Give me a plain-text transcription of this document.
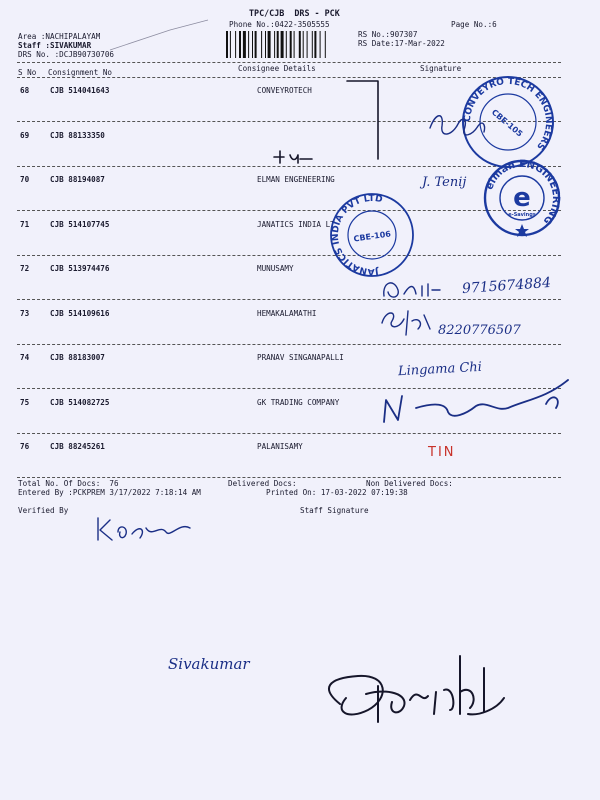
TPC/CJB  DRS - PCK
Phone No.:0422-3505555	Page No.:6
RS No.:907307
RS Date:17-Mar-2022
Area :NACHIPALAYAM
Staff :SIVAKUMAR
DRS No. :DCJB90730706
S No Consignment No	Consignee Details	Signature
68	CJB 514041643	CONVEYROTECH
69	CJB 88133350
70	CJB 88194087	ELMAN ENGENEERING
71	CJB 514107745	JANATICS INDIA LT
72	CJB 513974476	MUNUSAMY
73	CJB 514109616	HEMAKALAMATHI
74	CJB 88183007	PRANAV SINGANAPALLI
75	CJB 514082725	GK TRADING COMPANY
76	CJB 88245261	PALANISAMY
Total No. Of Docs:  76	Delivered Docs:	Non Delivered Docs:
Entered By :PCKPREM 3/17/2022 7:18:14 AM	Printed On: 17-03-2022 07:19:38
Verified By	Staff Signature
CONVEYRO TECH ENGINEERS
CBE-105
elman ENGINEERING
e
e-Savings
JANATICS INDIA PVT LTD
CBE-106
J. Tenij
9715674884
8220776507
Lingama Chi
TIN
Sivakumar
